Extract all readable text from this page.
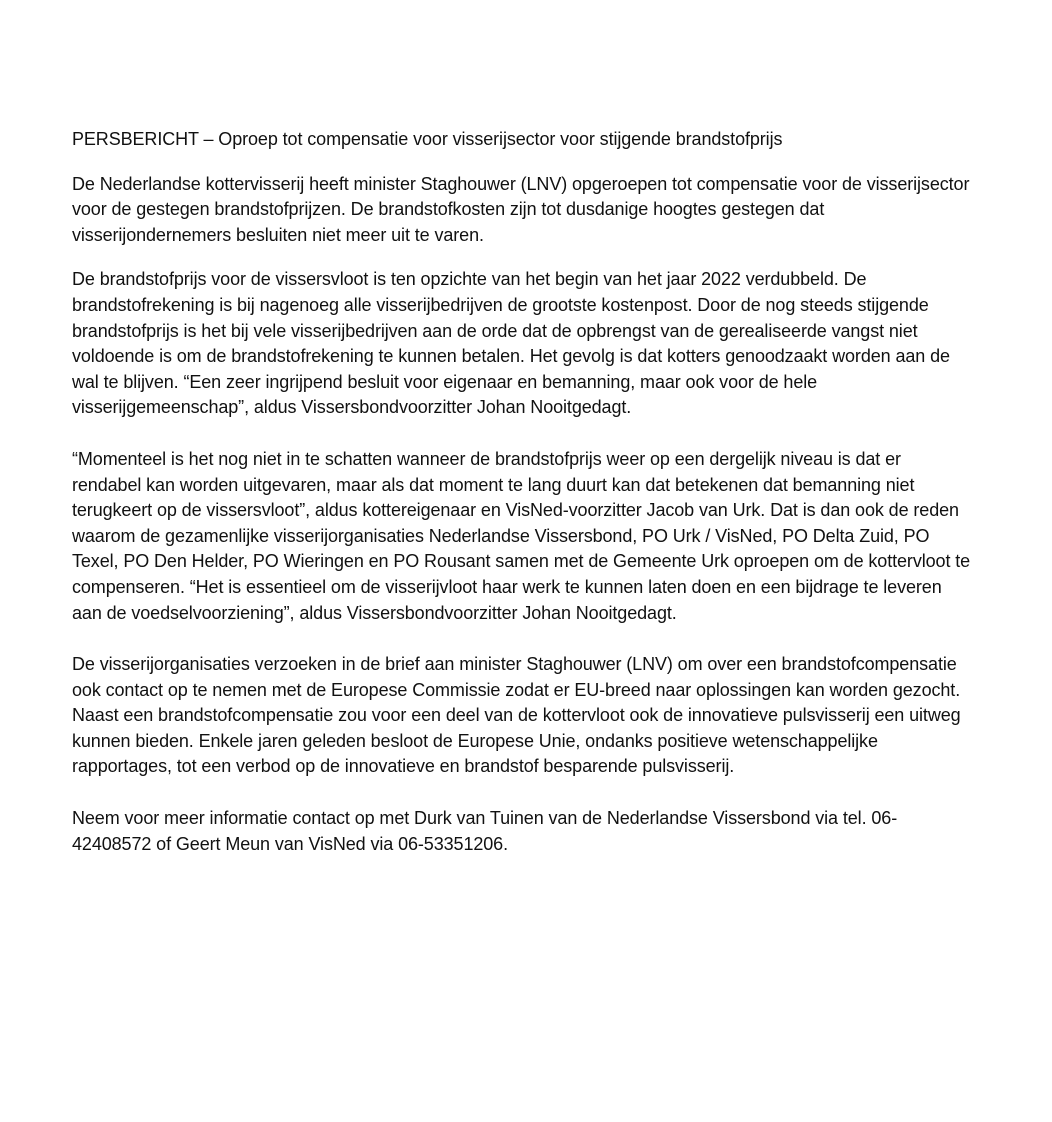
PERSBERICHT – Oproep tot compensatie voor visserijsector voor stijgende brandstofprijs

De Nederlandse kottervisserij heeft minister Staghouwer (LNV) opgeroepen tot compensatie voor de visserijsector voor de gestegen brandstofprijzen. De brandstofkosten zijn tot dusdanige hoogtes gestegen dat visserijondernemers besluiten niet meer uit te varen.

De brandstofprijs voor de vissersvloot is ten opzichte van het begin van het jaar 2022 verdubbeld. De brandstofrekening is bij nagenoeg alle visserijbedrijven de grootste kostenpost. Door de nog steeds stijgende brandstofprijs is het bij vele visserijbedrijven aan de orde dat de opbrengst van de gerealiseerde vangst niet voldoende is om de brandstofrekening te kunnen betalen. Het gevolg is dat kotters genoodzaakt worden aan de wal te blijven. “Een zeer ingrijpend besluit voor eigenaar en bemanning, maar ook voor de hele visserijgemeenschap”, aldus Vissersbondvoorzitter Johan Nooitgedagt.

“Momenteel is het nog niet in te schatten wanneer de brandstofprijs weer op een dergelijk niveau is dat er rendabel kan worden uitgevaren, maar als dat moment te lang duurt kan dat betekenen dat bemanning niet terugkeert op de vissersvloot”, aldus kottereigenaar en VisNed-voorzitter Jacob van Urk. Dat is dan ook de reden waarom de gezamenlijke visserijorganisaties Nederlandse Vissersbond, PO Urk / VisNed, PO Delta Zuid, PO Texel, PO Den Helder, PO Wieringen en PO Rousant samen met de Gemeente Urk oproepen om de kottervloot te compenseren. “Het is essentieel om de visserijvloot haar werk te kunnen laten doen en een bijdrage te leveren aan de voedselvoorziening”, aldus Vissersbondvoorzitter Johan Nooitgedagt.

De visserijorganisaties verzoeken in de brief aan minister Staghouwer (LNV) om over een brandstofcompensatie ook contact op te nemen met de Europese Commissie zodat er EU-breed naar oplossingen kan worden gezocht. Naast een brandstofcompensatie zou voor een deel van de kottervloot ook de innovatieve pulsvisserij een uitweg kunnen bieden. Enkele jaren geleden besloot de Europese Unie, ondanks positieve wetenschappelijke rapportages, tot een verbod op de innovatieve en brandstof besparende pulsvisserij.

Neem voor meer informatie contact op met Durk van Tuinen van de Nederlandse Vissersbond via tel. 06-42408572 of Geert Meun van VisNed via 06-53351206.
